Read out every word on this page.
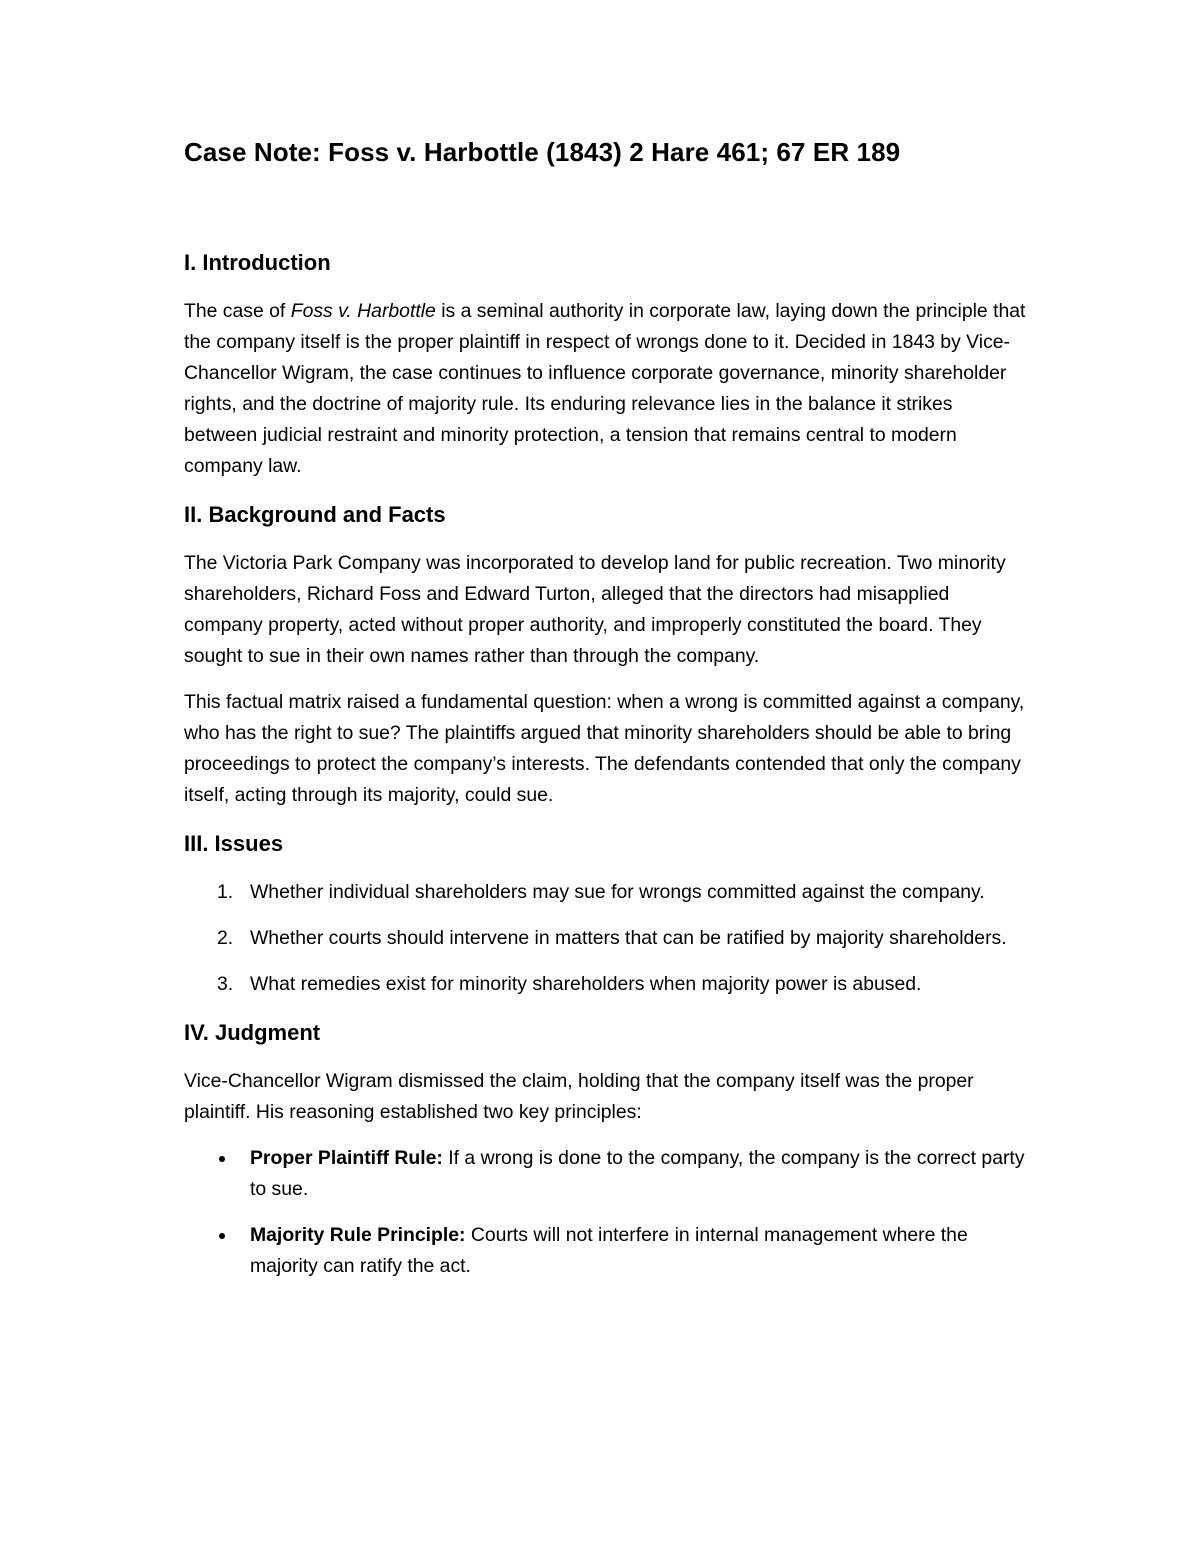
Case Note: Foss v. Harbottle (1843) 2 Hare 461; 67 ER 189
I. Introduction

The case of Foss v. Harbottle is a seminal authority in corporate law, laying down the principle that the company itself is the proper plaintiff in respect of wrongs done to it. Decided in 1843 by Vice-Chancellor Wigram, the case continues to influence corporate governance, minority shareholder rights, and the doctrine of majority rule. Its enduring relevance lies in the balance it strikes between judicial restraint and minority protection, a tension that remains central to modern company law.

II. Background and Facts

The Victoria Park Company was incorporated to develop land for public recreation. Two minority shareholders, Richard Foss and Edward Turton, alleged that the directors had misapplied company property, acted without proper authority, and improperly constituted the board. They sought to sue in their own names rather than through the company.

This factual matrix raised a fundamental question: when a wrong is committed against a company, who has the right to sue? The plaintiffs argued that minority shareholders should be able to bring proceedings to protect the company’s interests. The defendants contended that only the company itself, acting through its majority, could sue.

III. Issues
1. Whether individual shareholders may sue for wrongs committed against the company.
2. Whether courts should intervene in matters that can be ratified by majority shareholders.
3. What remedies exist for minority shareholders when majority power is abused.
IV. Judgment

Vice-Chancellor Wigram dismissed the claim, holding that the company itself was the proper plaintiff. His reasoning established two key principles:

Proper Plaintiff Rule: If a wrong is done to the company, the company is the correct party to sue.
Majority Rule Principle: Courts will not interfere in internal management where the majority can ratify the act.
